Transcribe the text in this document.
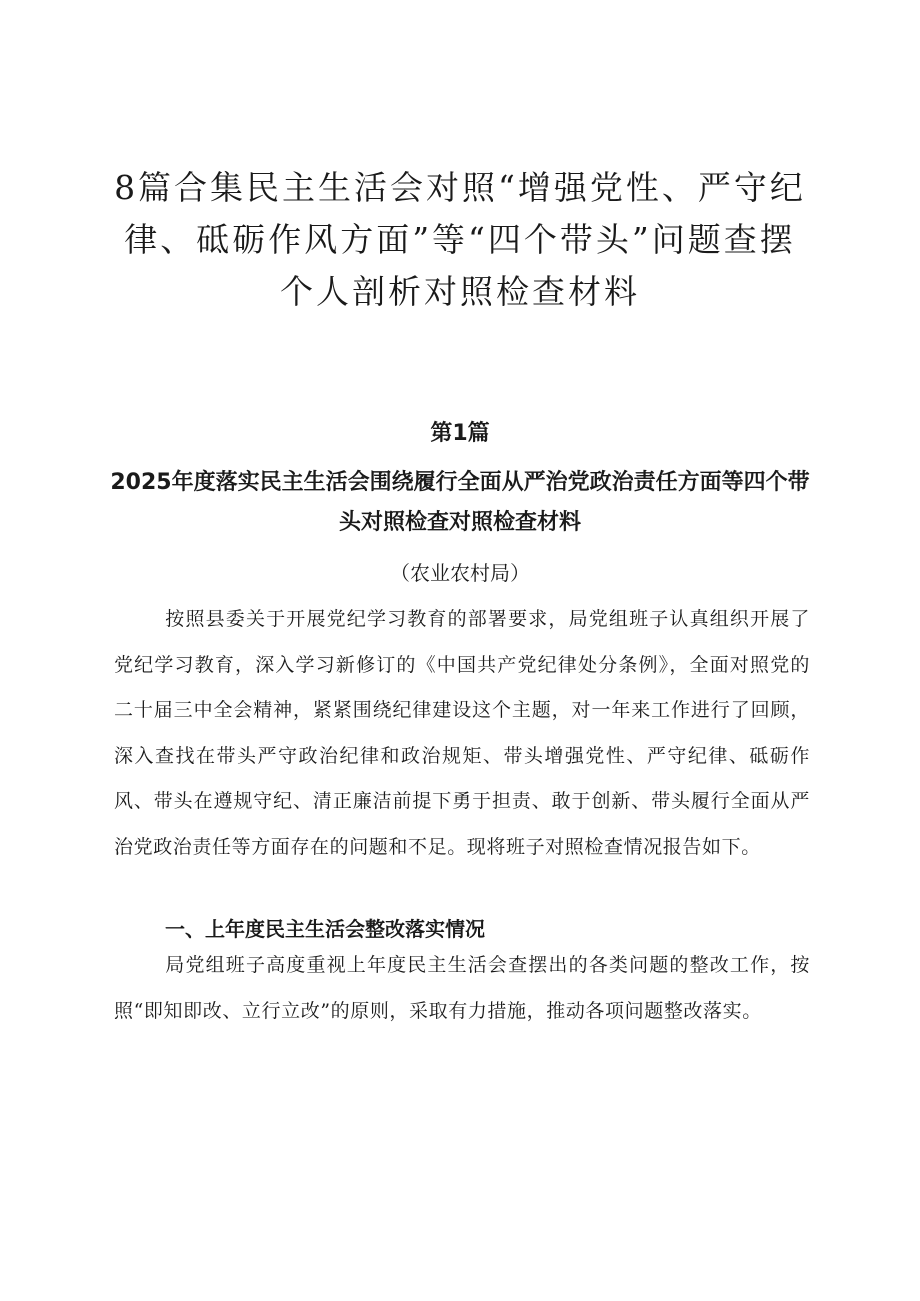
8篇合集民主生活会对照“增强党性、严守纪律、砥砺作风方面”等“四个带头”问题查摆个人剖析对照检查材料
第1篇
2025年度落实民主生活会围绕履行全面从严治党政治责任方面等四个带头对照检查对照检查材料

（农业农村局）

按照县委关于开展党纪学习教育的部署要求，局党组班子认真组织开展了党纪学习教育，深入学习新修订的《中国共产党纪律处分条例》，全面对照党的二十届三中全会精神，紧紧围绕纪律建设这个主题，对一年来工作进行了回顾，深入查找在带头严守政治纪律和政治规矩、带头增强党性、严守纪律、砥砺作风、带头在遵规守纪、清正廉洁前提下勇于担责、敢于创新、带头履行全面从严治党政治责任等方面存在的问题和不足。现将班子对照检查情况报告如下。

一、上年度民主生活会整改落实情况

局党组班子高度重视上年度民主生活会查摆出的各类问题的整改工作，按照“即知即改、立行立改”的原则，采取有力措施，推动各项问题整改落实。
